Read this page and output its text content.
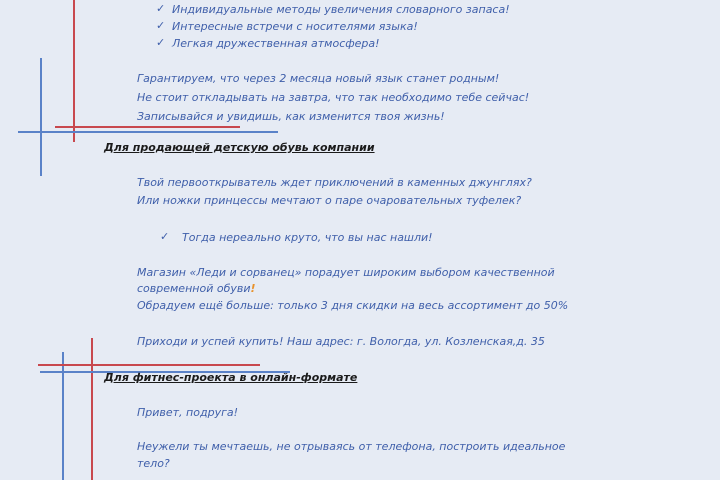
✓ Индивидуальные методы увеличения словарного запаса!

✓ Интересные встречи с носителями языка!

✓ Легкая дружественная атмосфера!

Гарантируем, что через 2 месяца новый язык станет родным!

Не стоит откладывать на завтра, что так необходимо тебе сейчас!

Записывайся и увидишь, как изменится твоя жизнь!

Для продающей детскую обувь компании

Твой первооткрыватель ждет приключений в каменных джунглях?

Или ножки принцессы мечтают о паре очаровательных туфелек?

✓ Тогда нереально круто, что вы нас нашли!

Магазин «Леди и сорванец» порадует широким выбором качественной

современной обуви!

Обрадуем ещё больше: только 3 дня скидки на весь ассортимент до 50%

Приходи и успей купить! Наш адрес: г. Вологда, ул. Козленская,д. 35

Для фитнес-проекта в онлайн-формате

Привет, подруга!

Неужели ты мечтаешь, не отрываясь от телефона, построить идеальное

тело?
